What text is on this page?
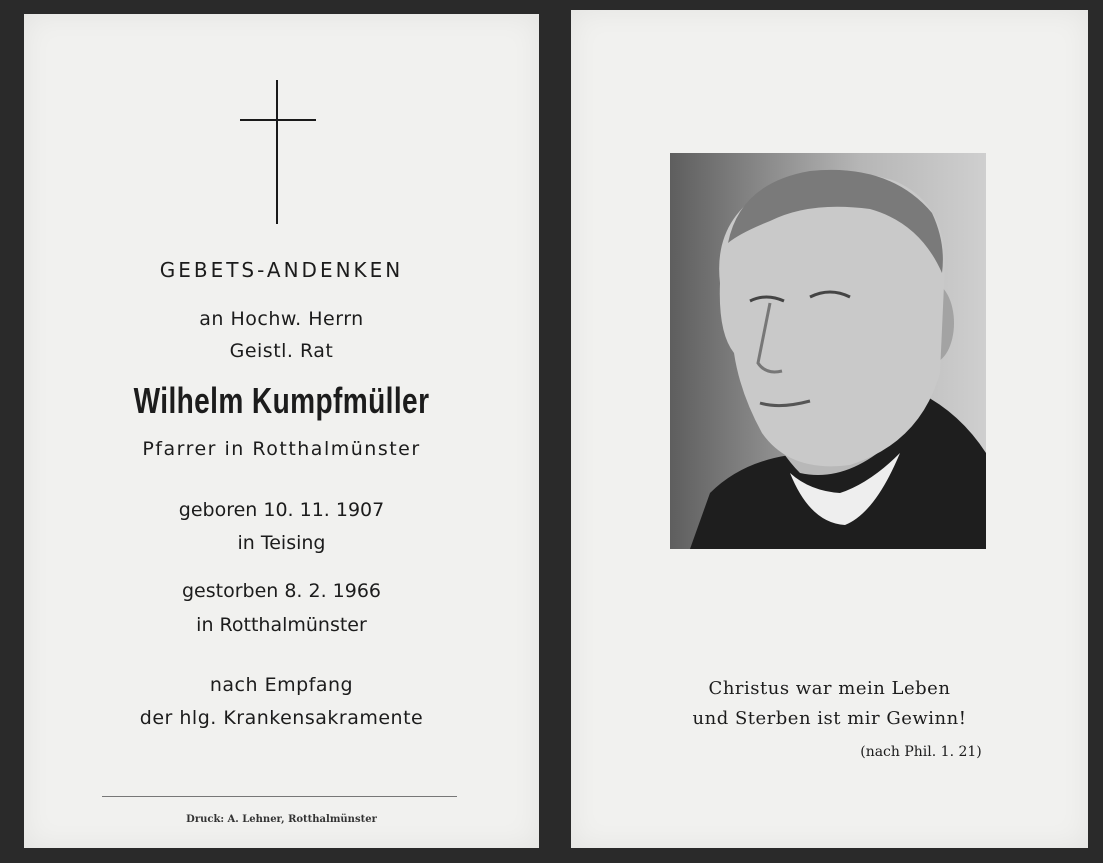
GEBETS-ANDENKEN
an Hochw. Herrn
Geistl. Rat
Wilhelm Kumpfmüller
Pfarrer in Rotthalmünster
geboren 10. 11. 1907
in Teising
gestorben 8. 2. 1966
in Rotthalmünster
nach Empfang
der hlg. Krankensakramente
Druck: A. Lehner, Rotthalmünster
Christus war mein Leben
und Sterben ist mir Gewinn!
(nach Phil. 1. 21)
